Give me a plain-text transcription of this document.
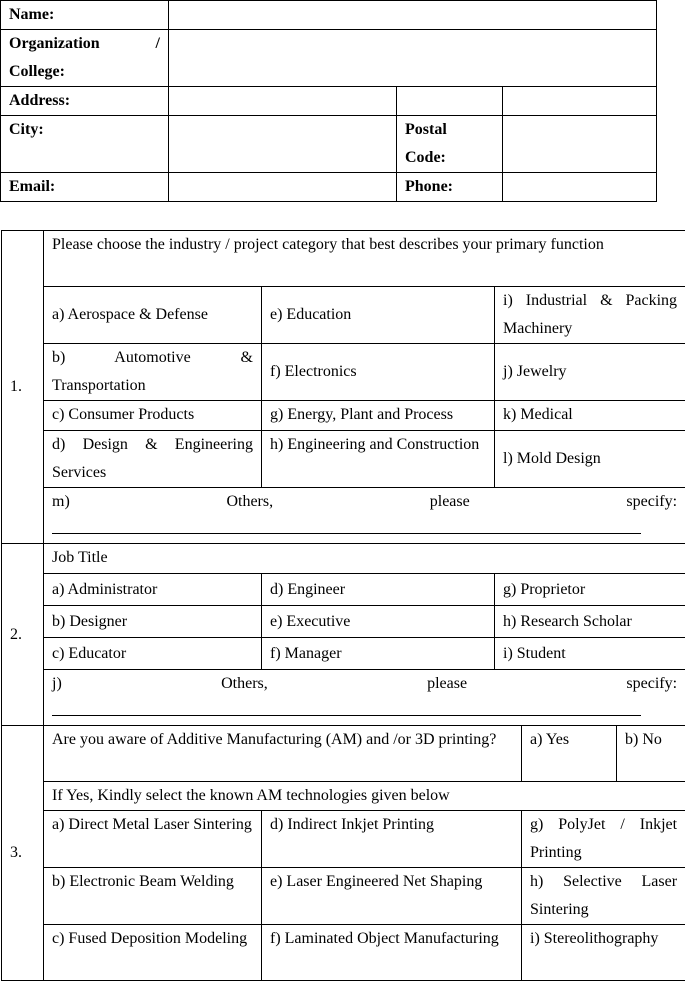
Name:			

Organization /
College:			

Address:			
City:		Postal
Code:	

Email:		Phone:	
1.	Please choose the industry / project category that best describes your primary function				
	a) Aerospace & Defense	e) Education	i) Industrial & Packing Machinery		
	b) Automotive & Transportation	f) Electronics	j) Jewelry		
	c) Consumer Products	g) Energy, Plant and Process	k) Medical		
	d) Design & Engineering Services	h) Engineering and Construction	l) Mold Design		

	m) Others, please specify:				

2.	Job Title				
	a) Administrator	d) Engineer	g) Proprietor		
	b) Designer	e) Executive	h) Research Scholar		
	c) Educator	f) Manager	i) Student		

	j) Others, please specify:				

3.	Are you aware of Additive Manufacturing (AM) and /or 3D printing?			a) Yes	b) No
	If Yes, Kindly select the known AM technologies given below				
	a) Direct Metal Laser Sintering	d) Indirect Inkjet Printing		g) PolyJet / Inkjet Printing	
	b) Electronic Beam Welding	e) Laser Engineered Net Shaping		h) Selective Laser Sintering	
	c) Fused Deposition Modeling	f) Laminated Object Manufacturing		i) Stereolithography	
